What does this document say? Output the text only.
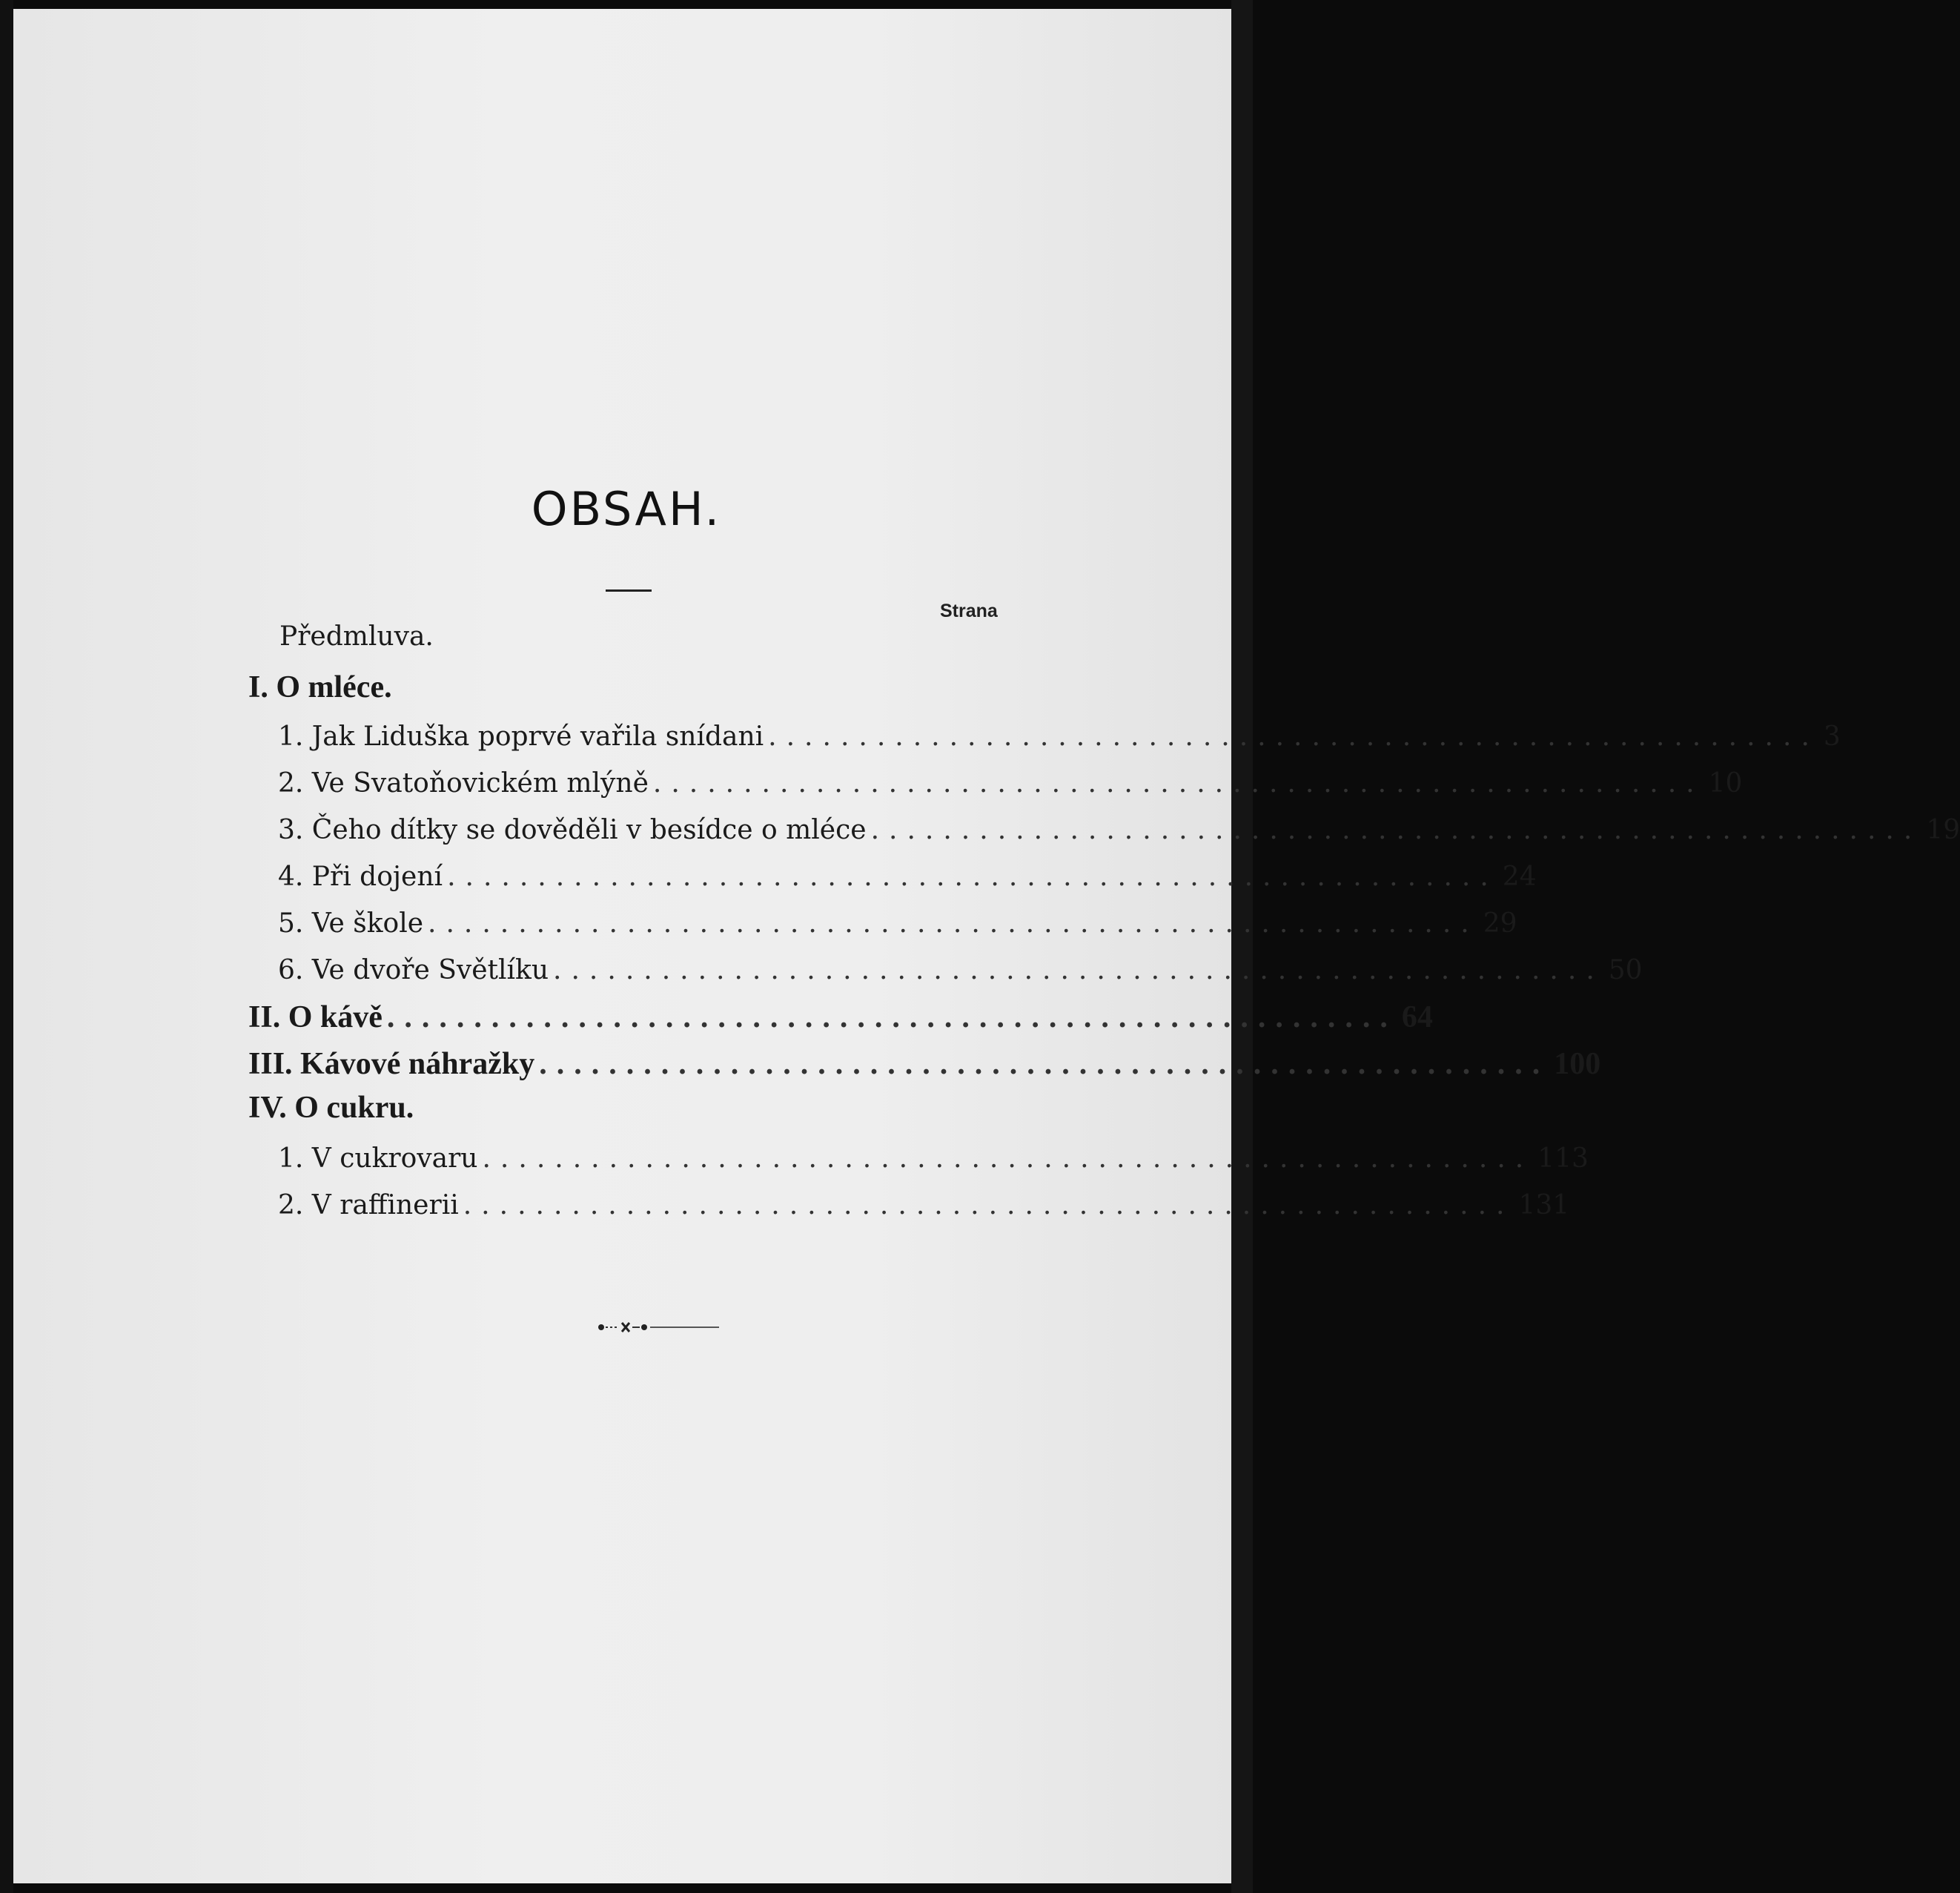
OBSAH.
Strana
Předmluva.
I. O mléce.
1. Jak Liduška poprvé vařila snídani .......................................................... 3
2. Ve Svatoňovickém mlýně .......................................................... 10
3. Čeho dítky se dověděli v besídce o mléce .......................................................... 19
4. Při dojení .......................................................... 24
5. Ve škole .......................................................... 29
6. Ve dvoře Světlíku .......................................................... 50
II. O kávě .......................................................... 64
III. Kávové náhražky .......................................................... 100
IV. O cukru.
1. V cukrovaru .......................................................... 113
2. V raffinerii .......................................................... 131
